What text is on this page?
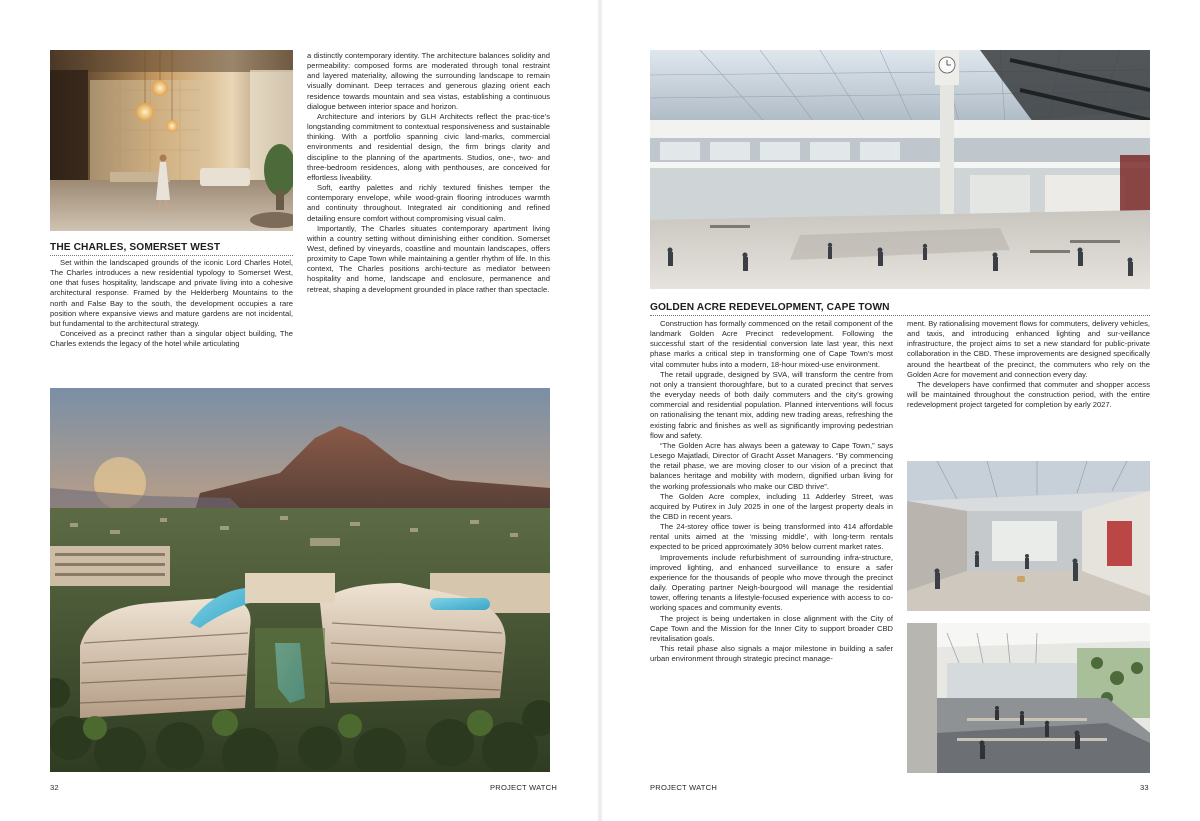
Set within the landscaped grounds of the iconic Lord Charles Hotel, The Charles introduces a new residential typology to Somerset West, one that fuses hospitality, landscape and private living into a cohesive architectural response. Framed by the Helderberg Mountains to the north and False Bay to the south, the development occupies a rare position where expansive views and mature gardens are not incidental, but fundamental to the architectural strategy.

Conceived as a precinct rather than a singular object building, The Charles extends the legacy of the hotel while articulating

THE CHARLES, SOMERSET WEST

a distinctly contemporary identity. The architecture balances solidity and permeability: composed forms are moderated through tonal restraint and layered materiality, allowing the surrounding landscape to remain visually dominant. Deep terraces and generous glazing orient each residence towards mountain and sea vistas, establishing a continuous dialogue between interior space and horizon.

Architecture and interiors by GLH Architects reflect the prac-tice’s longstanding commitment to contextual responsiveness and sustainable thinking. With a portfolio spanning civic land-marks, commercial environments and residential design, the firm brings clarity and discipline to the planning of the apartments. Studios, one-, two- and three-bedroom residences, along with penthouses, are conceived for effortless liveability.

Soft, earthy palettes and richly textured finishes temper the contemporary envelope, while wood-grain flooring introduces warmth and continuity throughout. Integrated air conditioning and refined detailing ensure comfort without compromising visual calm.

Importantly, The Charles situates contemporary apartment living within a country setting without diminishing either condition. Somerset West, defined by vineyards, coastline and mountain landscapes, offers proximity to Cape Town while maintaining a gentler rhythm of life. In this context, The Charles positions archi-tecture as mediator between hospitality and home, landscape and enclosure, permanence and retreat, shaping a development grounded in place rather than spectacle.

32	PROJECT WATCH
GOLDEN ACRE REDEVELOPMENT, CAPE TOWN

Construction has formally commenced on the retail component of the landmark Golden Acre Precinct redevelopment. Following the successful start of the residential conversion late last year, this next phase marks a critical step in transforming one of Cape Town’s most vital commuter hubs into a modern, 18-hour mixed-use environment.

The retail upgrade, designed by SVA, will transform the centre from not only a transient thoroughfare, but to a curated precinct that serves the everyday needs of both daily commuters and the city’s growing commercial and residential population. Planned interventions will focus on rationalising the tenant mix, adding new trading areas, refreshing the existing fabric and finishes as well as significantly improving pedestrian flow and safety.

“The Golden Acre has always been a gateway to Cape Town,” says Lesego Majatladi, Director of Gracht Asset Managers. “By commencing the retail phase, we are moving closer to our vision of a precinct that balances heritage and mobility with modern, dignified urban living for the working professionals who make our CBD thrive”.

The Golden Acre complex, including 11 Adderley Street, was acquired by Putirex in July 2025 in one of the largest property deals in the CBD in recent years.

The 24-storey office tower is being transformed into 414 affordable rental units aimed at the ‘missing middle’, with long-term rentals expected to be priced approximately 30% below current market rates.

Improvements include refurbishment of surrounding infra-structure, improved lighting, and enhanced surveillance to ensure a safer experience for the thousands of people who move through the precinct daily. Operating partner Neigh-bourgood will manage the residential tower, offering tenants a lifestyle-focused experience with access to co-working spaces and community events.

The project is being undertaken in close alignment with the City of Cape Town and the Mission for the Inner City to support broader CBD revitalisation goals.

This retail phase also signals a major milestone in building a safer urban environment through strategic precinct manage-

ment. By rationalising movement flows for commuters, delivery vehicles, and taxis, and introducing enhanced lighting and sur-veillance infrastructure, the project aims to set a new standard for public-private collaboration in the CBD. These improvements are designed specifically around the heartbeat of the precinct, the commuters who rely on the Golden Acre for movement and connection every day.

The developers have confirmed that commuter and shopper access will be maintained throughout the construction period, with the entire redevelopment project targeted for completion by early 2027.

PROJECT WATCH	33
